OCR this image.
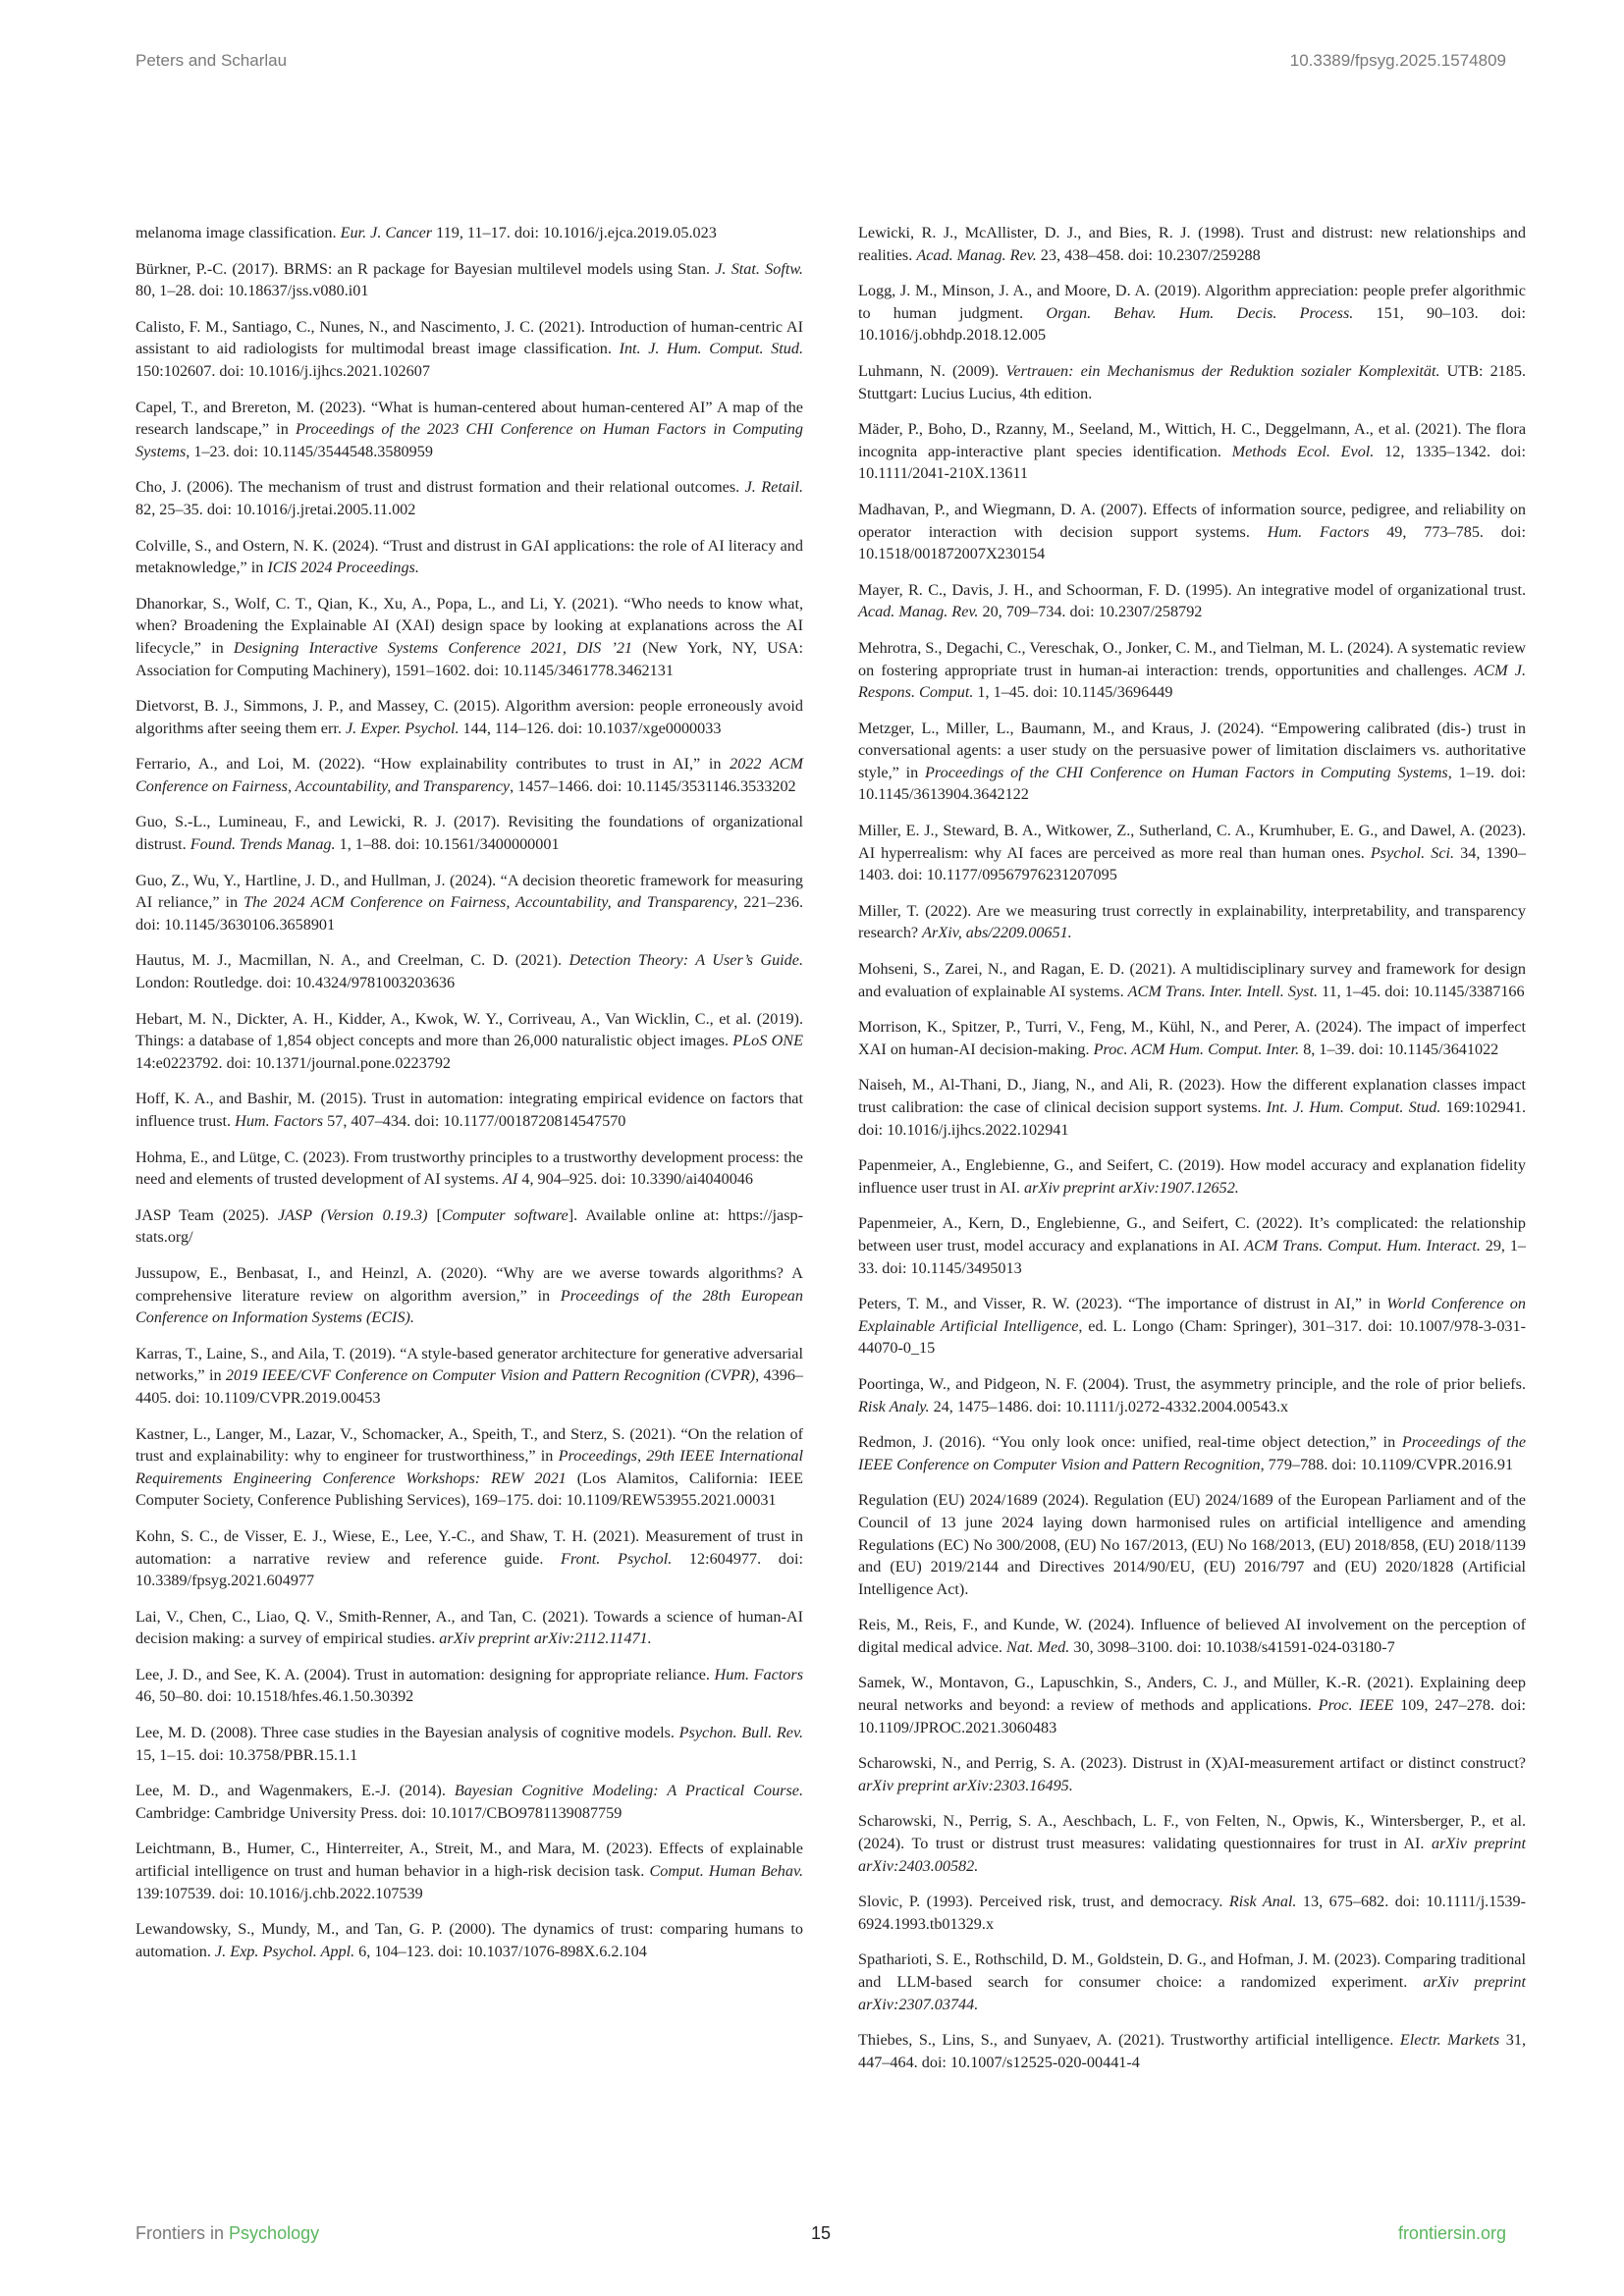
Peters and Scharlau	10.3389/fpsyg.2025.1574809

melanoma image classification. Eur. J. Cancer 119, 11–17. doi: 10.1016/j.ejca.2019.05.023

Bürkner, P.-C. (2017). BRMS: an R package for Bayesian multilevel models using Stan. J. Stat. Softw. 80, 1–28. doi: 10.18637/jss.v080.i01

Calisto, F. M., Santiago, C., Nunes, N., and Nascimento, J. C. (2021). Introduction of human-centric AI assistant to aid radiologists for multimodal breast image classification. Int. J. Hum. Comput. Stud. 150:102607. doi: 10.1016/j.ijhcs.2021.102607

Capel, T., and Brereton, M. (2023). “What is human-centered about human-centered AI” A map of the research landscape,” in Proceedings of the 2023 CHI Conference on Human Factors in Computing Systems, 1–23. doi: 10.1145/3544548.3580959

Cho, J. (2006). The mechanism of trust and distrust formation and their relational outcomes. J. Retail. 82, 25–35. doi: 10.1016/j.jretai.2005.11.002

Colville, S., and Ostern, N. K. (2024). “Trust and distrust in GAI applications: the role of AI literacy and metaknowledge,” in ICIS 2024 Proceedings.

Dhanorkar, S., Wolf, C. T., Qian, K., Xu, A., Popa, L., and Li, Y. (2021). “Who needs to know what, when? Broadening the Explainable AI (XAI) design space by looking at explanations across the AI lifecycle,” in Designing Interactive Systems Conference 2021, DIS ’21 (New York, NY, USA: Association for Computing Machinery), 1591–1602. doi: 10.1145/3461778.3462131

Dietvorst, B. J., Simmons, J. P., and Massey, C. (2015). Algorithm aversion: people erroneously avoid algorithms after seeing them err. J. Exper. Psychol. 144, 114–126. doi: 10.1037/xge0000033

Ferrario, A., and Loi, M. (2022). “How explainability contributes to trust in AI,” in 2022 ACM Conference on Fairness, Accountability, and Transparency, 1457–1466. doi: 10.1145/3531146.3533202

Guo, S.-L., Lumineau, F., and Lewicki, R. J. (2017). Revisiting the foundations of organizational distrust. Found. Trends Manag. 1, 1–88. doi: 10.1561/3400000001

Guo, Z., Wu, Y., Hartline, J. D., and Hullman, J. (2024). “A decision theoretic framework for measuring AI reliance,” in The 2024 ACM Conference on Fairness, Accountability, and Transparency, 221–236. doi: 10.1145/3630106.3658901

Hautus, M. J., Macmillan, N. A., and Creelman, C. D. (2021). Detection Theory: A User’s Guide. London: Routledge. doi: 10.4324/9781003203636

Hebart, M. N., Dickter, A. H., Kidder, A., Kwok, W. Y., Corriveau, A., Van Wicklin, C., et al. (2019). Things: a database of 1,854 object concepts and more than 26,000 naturalistic object images. PLoS ONE 14:e0223792. doi: 10.1371/journal.pone.0223792

Hoff, K. A., and Bashir, M. (2015). Trust in automation: integrating empirical evidence on factors that influence trust. Hum. Factors 57, 407–434. doi: 10.1177/0018720814547570

Hohma, E., and Lütge, C. (2023). From trustworthy principles to a trustworthy development process: the need and elements of trusted development of AI systems. AI 4, 904–925. doi: 10.3390/ai4040046

JASP Team (2025). JASP (Version 0.19.3) [Computer software]. Available online at: https://jasp-stats.org/

Jussupow, E., Benbasat, I., and Heinzl, A. (2020). “Why are we averse towards algorithms? A comprehensive literature review on algorithm aversion,” in Proceedings of the 28th European Conference on Information Systems (ECIS).

Karras, T., Laine, S., and Aila, T. (2019). “A style-based generator architecture for generative adversarial networks,” in 2019 IEEE/CVF Conference on Computer Vision and Pattern Recognition (CVPR), 4396–4405. doi: 10.1109/CVPR.2019.00453

Kastner, L., Langer, M., Lazar, V., Schomacker, A., Speith, T., and Sterz, S. (2021). “On the relation of trust and explainability: why to engineer for trustworthiness,” in Proceedings, 29th IEEE International Requirements Engineering Conference Workshops: REW 2021 (Los Alamitos, California: IEEE Computer Society, Conference Publishing Services), 169–175. doi: 10.1109/REW53955.2021.00031

Kohn, S. C., de Visser, E. J., Wiese, E., Lee, Y.-C., and Shaw, T. H. (2021). Measurement of trust in automation: a narrative review and reference guide. Front. Psychol. 12:604977. doi: 10.3389/fpsyg.2021.604977

Lai, V., Chen, C., Liao, Q. V., Smith-Renner, A., and Tan, C. (2021). Towards a science of human-AI decision making: a survey of empirical studies. arXiv preprint arXiv:2112.11471.

Lee, J. D., and See, K. A. (2004). Trust in automation: designing for appropriate reliance. Hum. Factors 46, 50–80. doi: 10.1518/hfes.46.1.50.30392

Lee, M. D. (2008). Three case studies in the Bayesian analysis of cognitive models. Psychon. Bull. Rev. 15, 1–15. doi: 10.3758/PBR.15.1.1

Lee, M. D., and Wagenmakers, E.-J. (2014). Bayesian Cognitive Modeling: A Practical Course. Cambridge: Cambridge University Press. doi: 10.1017/CBO9781139087759

Leichtmann, B., Humer, C., Hinterreiter, A., Streit, M., and Mara, M. (2023). Effects of explainable artificial intelligence on trust and human behavior in a high-risk decision task. Comput. Human Behav. 139:107539. doi: 10.1016/j.chb.2022.107539

Lewandowsky, S., Mundy, M., and Tan, G. P. (2000). The dynamics of trust: comparing humans to automation. J. Exp. Psychol. Appl. 6, 104–123. doi: 10.1037/1076-898X.6.2.104

Lewicki, R. J., McAllister, D. J., and Bies, R. J. (1998). Trust and distrust: new relationships and realities. Acad. Manag. Rev. 23, 438–458. doi: 10.2307/259288

Logg, J. M., Minson, J. A., and Moore, D. A. (2019). Algorithm appreciation: people prefer algorithmic to human judgment. Organ. Behav. Hum. Decis. Process. 151, 90–103. doi: 10.1016/j.obhdp.2018.12.005

Luhmann, N. (2009). Vertrauen: ein Mechanismus der Reduktion sozialer Komplexität. UTB: 2185. Stuttgart: Lucius Lucius, 4th edition.

Mäder, P., Boho, D., Rzanny, M., Seeland, M., Wittich, H. C., Deggelmann, A., et al. (2021). The flora incognita app-interactive plant species identification. Methods Ecol. Evol. 12, 1335–1342. doi: 10.1111/2041-210X.13611

Madhavan, P., and Wiegmann, D. A. (2007). Effects of information source, pedigree, and reliability on operator interaction with decision support systems. Hum. Factors 49, 773–785. doi: 10.1518/001872007X230154

Mayer, R. C., Davis, J. H., and Schoorman, F. D. (1995). An integrative model of organizational trust. Acad. Manag. Rev. 20, 709–734. doi: 10.2307/258792

Mehrotra, S., Degachi, C., Vereschak, O., Jonker, C. M., and Tielman, M. L. (2024). A systematic review on fostering appropriate trust in human-ai interaction: trends, opportunities and challenges. ACM J. Respons. Comput. 1, 1–45. doi: 10.1145/3696449

Metzger, L., Miller, L., Baumann, M., and Kraus, J. (2024). “Empowering calibrated (dis-) trust in conversational agents: a user study on the persuasive power of limitation disclaimers vs. authoritative style,” in Proceedings of the CHI Conference on Human Factors in Computing Systems, 1–19. doi: 10.1145/3613904.3642122

Miller, E. J., Steward, B. A., Witkower, Z., Sutherland, C. A., Krumhuber, E. G., and Dawel, A. (2023). AI hyperrealism: why AI faces are perceived as more real than human ones. Psychol. Sci. 34, 1390–1403. doi: 10.1177/09567976231207095

Miller, T. (2022). Are we measuring trust correctly in explainability, interpretability, and transparency research? ArXiv, abs/2209.00651.

Mohseni, S., Zarei, N., and Ragan, E. D. (2021). A multidisciplinary survey and framework for design and evaluation of explainable AI systems. ACM Trans. Inter. Intell. Syst. 11, 1–45. doi: 10.1145/3387166

Morrison, K., Spitzer, P., Turri, V., Feng, M., Kühl, N., and Perer, A. (2024). The impact of imperfect XAI on human-AI decision-making. Proc. ACM Hum. Comput. Inter. 8, 1–39. doi: 10.1145/3641022

Naiseh, M., Al-Thani, D., Jiang, N., and Ali, R. (2023). How the different explanation classes impact trust calibration: the case of clinical decision support systems. Int. J. Hum. Comput. Stud. 169:102941. doi: 10.1016/j.ijhcs.2022.102941

Papenmeier, A., Englebienne, G., and Seifert, C. (2019). How model accuracy and explanation fidelity influence user trust in AI. arXiv preprint arXiv:1907.12652.

Papenmeier, A., Kern, D., Englebienne, G., and Seifert, C. (2022). It’s complicated: the relationship between user trust, model accuracy and explanations in AI. ACM Trans. Comput. Hum. Interact. 29, 1–33. doi: 10.1145/3495013

Peters, T. M., and Visser, R. W. (2023). “The importance of distrust in AI,” in World Conference on Explainable Artificial Intelligence, ed. L. Longo (Cham: Springer), 301–317. doi: 10.1007/978-3-031-44070-0_15

Poortinga, W., and Pidgeon, N. F. (2004). Trust, the asymmetry principle, and the role of prior beliefs. Risk Analy. 24, 1475–1486. doi: 10.1111/j.0272-4332.2004.00543.x

Redmon, J. (2016). “You only look once: unified, real-time object detection,” in Proceedings of the IEEE Conference on Computer Vision and Pattern Recognition, 779–788. doi: 10.1109/CVPR.2016.91

Regulation (EU) 2024/1689 (2024). Regulation (EU) 2024/1689 of the European Parliament and of the Council of 13 june 2024 laying down harmonised rules on artificial intelligence and amending Regulations (EC) No 300/2008, (EU) No 167/2013, (EU) No 168/2013, (EU) 2018/858, (EU) 2018/1139 and (EU) 2019/2144 and Directives 2014/90/EU, (EU) 2016/797 and (EU) 2020/1828 (Artificial Intelligence Act).

Reis, M., Reis, F., and Kunde, W. (2024). Influence of believed AI involvement on the perception of digital medical advice. Nat. Med. 30, 3098–3100. doi: 10.1038/s41591-024-03180-7

Samek, W., Montavon, G., Lapuschkin, S., Anders, C. J., and Müller, K.-R. (2021). Explaining deep neural networks and beyond: a review of methods and applications. Proc. IEEE 109, 247–278. doi: 10.1109/JPROC.2021.3060483

Scharowski, N., and Perrig, S. A. (2023). Distrust in (X)AI-measurement artifact or distinct construct? arXiv preprint arXiv:2303.16495.

Scharowski, N., Perrig, S. A., Aeschbach, L. F., von Felten, N., Opwis, K., Wintersberger, P., et al. (2024). To trust or distrust trust measures: validating questionnaires for trust in AI. arXiv preprint arXiv:2403.00582.

Slovic, P. (1993). Perceived risk, trust, and democracy. Risk Anal. 13, 675–682. doi: 10.1111/j.1539-6924.1993.tb01329.x

Spatharioti, S. E., Rothschild, D. M., Goldstein, D. G., and Hofman, J. M. (2023). Comparing traditional and LLM-based search for consumer choice: a randomized experiment. arXiv preprint arXiv:2307.03744.

Thiebes, S., Lins, S., and Sunyaev, A. (2021). Trustworthy artificial intelligence. Electr. Markets 31, 447–464. doi: 10.1007/s12525-020-00441-4

Frontiers in Psychology	15	frontiersin.org
